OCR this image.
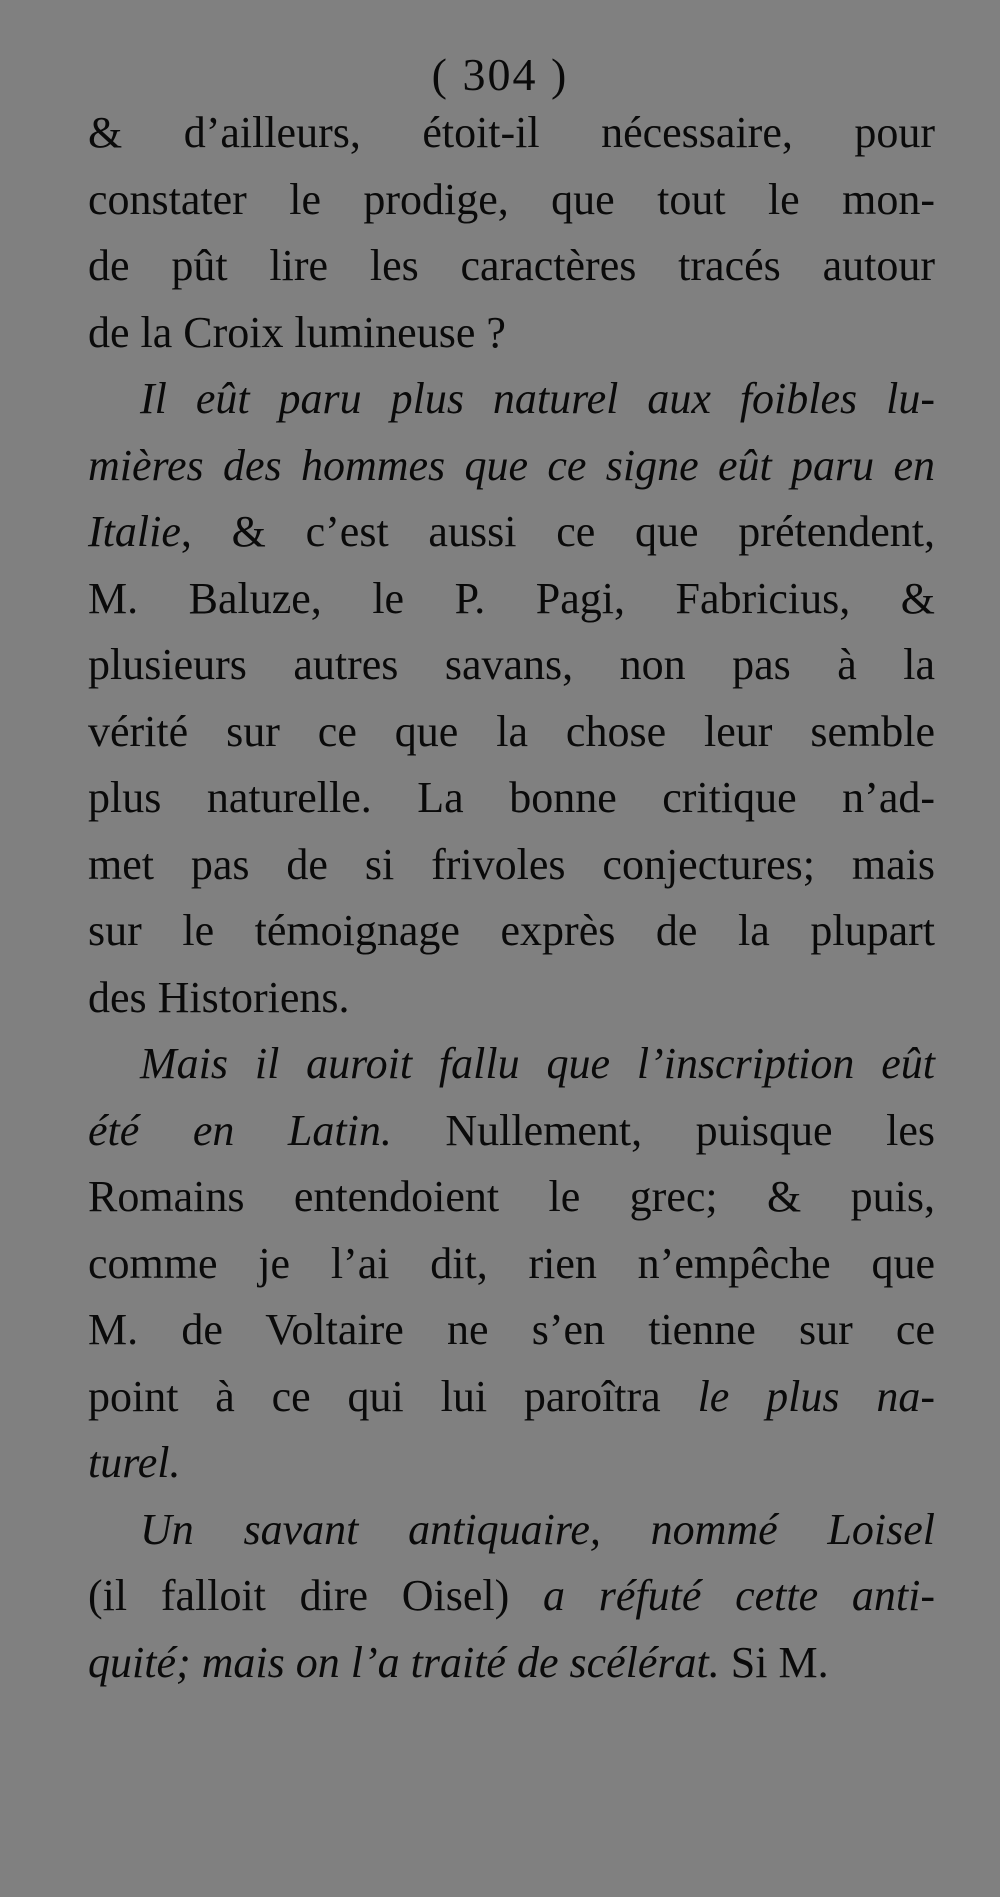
( 304 )
& d’ailleurs, étoit-il nécessaire, pour
constater le prodige, que tout le mon-
de pût lire les caractères tracés autour
de la Croix lumineuse ?
Il eût paru plus naturel aux foibles lu-
mières des hommes que ce signe eût paru en
Italie, & c’est aussi ce que prétendent,
M. Baluze, le P. Pagi, Fabricius, &
plusieurs autres savans, non pas à la
vérité sur ce que la chose leur semble
plus naturelle. La bonne critique n’ad-
met pas de si frivoles conjectures; mais
sur le témoignage exprès de la plupart
des Historiens.
Mais il auroit fallu que l’inscription eût
été en Latin. Nullement, puisque les
Romains entendoient le grec; & puis,
comme je l’ai dit, rien n’empêche que
M. de Voltaire ne s’en tienne sur ce
point à ce qui lui paroîtra le plus na-
turel.
Un savant antiquaire, nommé Loisel
(il falloit dire Oisel) a réfuté cette anti-
quité; mais on l’a traité de scélérat. Si M.
